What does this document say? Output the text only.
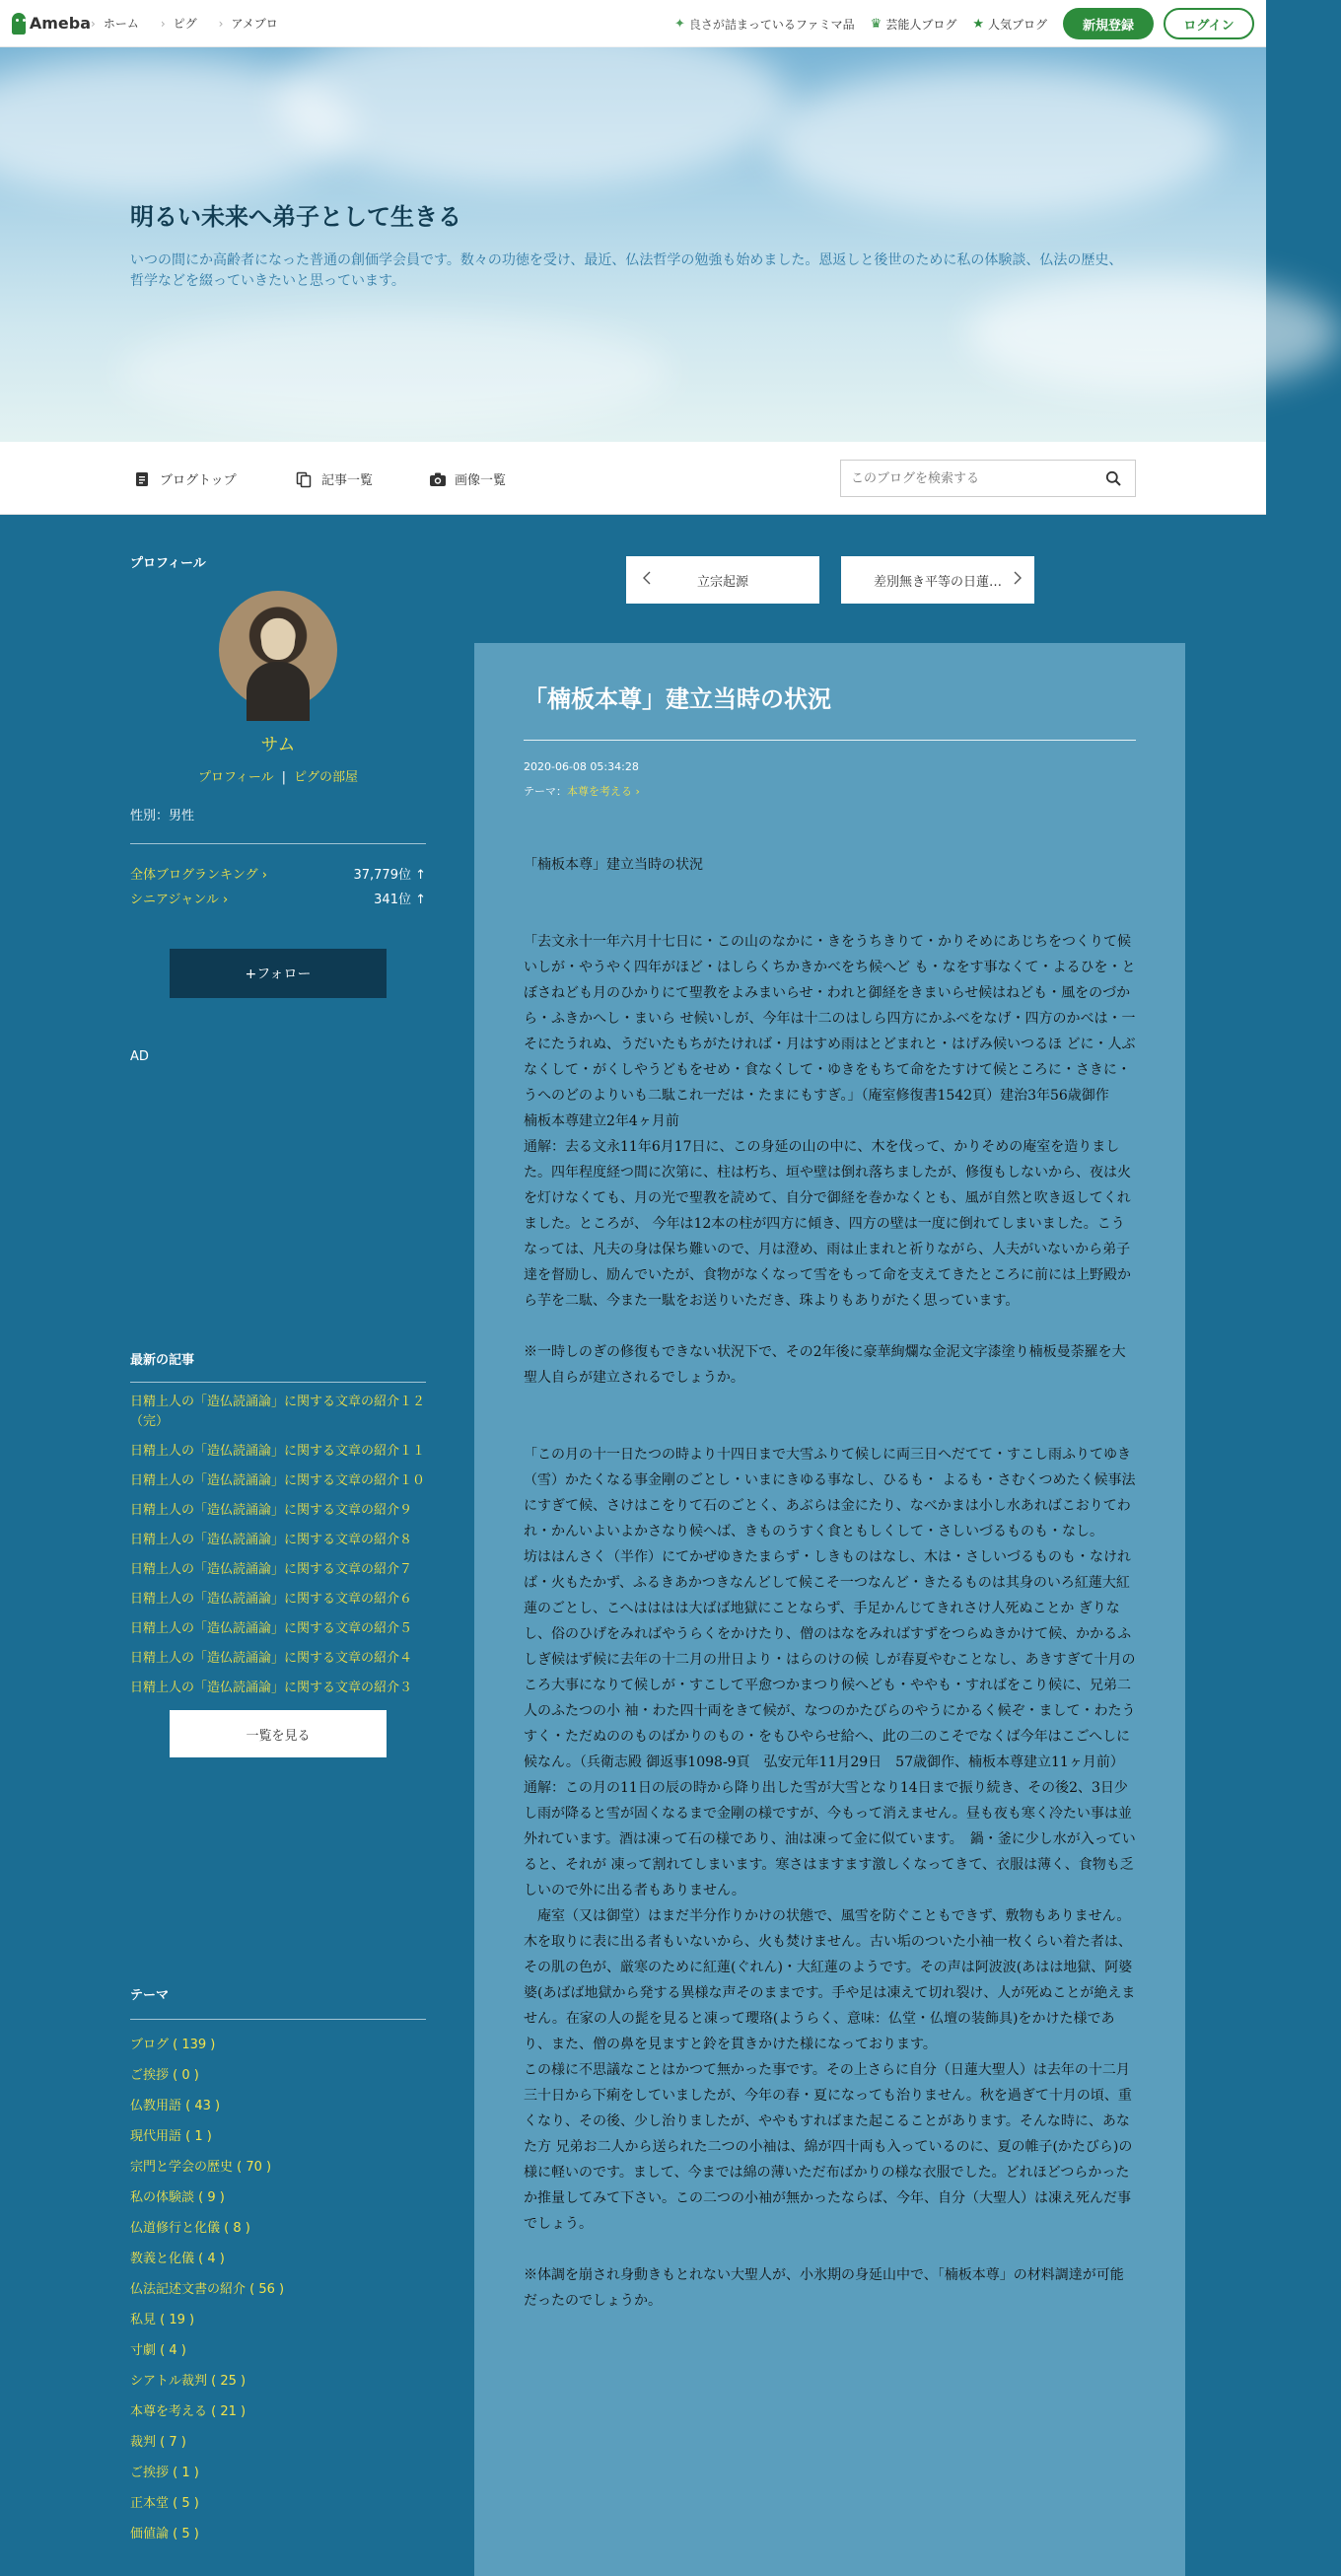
Ameba › ホーム › ピグ › アメブロ	✦ 良さが詰まっているファミマ品 ♛ 芸能人ブログ ★ 人気ブログ	新規登録	ログイン
明るい未来へ弟子として生きる

いつの間にか高齢者になった普通の創価学会員です。数々の功徳を受け、最近、仏法哲学の勉強も始めました。恩返しと後世のために私の体験談、仏法の歴史、哲学などを綴っていきたいと思っています。

ブログトップ	記事一覧	画像一覧
このブログを検索する
プロフィール
サム
プロフィール | ピグの部屋
性別：男性
全体ブログランキング ›	37,779位 ↑
シニアジャンル ›	341位 ↑
+フォロー
AD
最新の記事
日精上人の「造仏読誦論」に関する文章の紹介１２（完）
日精上人の「造仏読誦論」に関する文章の紹介１１
日精上人の「造仏読誦論」に関する文章の紹介１０
日精上人の「造仏読誦論」に関する文章の紹介９
日精上人の「造仏読誦論」に関する文章の紹介８
日精上人の「造仏読誦論」に関する文章の紹介７
日精上人の「造仏読誦論」に関する文章の紹介６
日精上人の「造仏読誦論」に関する文章の紹介５
日精上人の「造仏読誦論」に関する文章の紹介４
日精上人の「造仏読誦論」に関する文章の紹介３
一覧を見る
テーマ
ブログ ( 139 )
ご挨拶 ( 0 )
仏教用語 ( 43 )
現代用語 ( 1 )
宗門と学会の歴史 ( 70 )
私の体験談 ( 9 )
仏道修行と化儀 ( 8 )
教義と化儀 ( 4 )
仏法記述文書の紹介 ( 56 )
私見 ( 19 )
寸劇 ( 4 )
シアトル裁判 ( 25 )
本尊を考える ( 21 )
裁判 ( 7 )
ご挨拶 ( 1 )
正本堂 ( 5 )
価値論 ( 5 )
立宗起源	差別無き平等の日蓮…
「楠板本尊」建立当時の状況
2020-06-08 05:34:28
テーマ：本尊を考える ›

「楠板本尊」建立当時の状況

「去文永十一年六月十七日に・この山のなかに・きをうちきりて・かりそめにあじちをつくりて候いしが・やうやく四年がほど・はしらくちかきかべをち候へど も・なをす事なくて・よるひを・とぼさねども月のひかりにて聖教をよみまいらせ・われと御経をきまいらせ候はねども・風をのづから・ふきかへし・まいら せ候いしが、今年は十二のはしら四方にかふべをなげ・四方のかべは・一そにたうれぬ、うだいたもちがたければ・月はすめ雨はとどまれと・はげみ候いつるほ どに・人ぶなくして・がくしやうどもをせめ・食なくして・ゆきをもちて命をたすけて候ところに・さきに・うへのどのよりいも二駄これ一だは・たまにもすぎ。」（庵室修復書1542頁）建治3年56歳御作　楠板本尊建立2年4ヶ月前
通解：去る文永11年6月17日に、この身延の山の中に、木を伐って、かりそめの庵室を造りました。四年程度経つ間に次第に、柱は朽ち、垣や壁は倒れ落ちましたが、修復もしないから、夜は火を灯けなくても、月の光で聖教を読めて、自分で御経を巻かなくとも、風が自然と吹き返してくれました。ところが、 今年は12本の柱が四方に傾き、四方の壁は一度に倒れてしまいました。こうなっては、凡夫の身は保ち難いので、月は澄め、雨は止まれと祈りながら、人夫がいないから弟子達を督励し、励んでいたが、食物がなくなって雪をもって命を支えてきたところに前には上野殿から芋を二駄、今また一駄をお送りいただき、珠よりもありがたく思っています。

※一時しのぎの修復もできない状況下で、その2年後に豪華絢爛な金泥文字漆塗り楠板曼荼羅を大聖人自らが建立されるでしょうか。

「この月の十一日たつの時より十四日まで大雪ふりて候しに両三日へだてて・すこし雨ふりてゆき（雪）かたくなる事金剛のごとし・いまにきゆる事なし、ひるも・ よるも・さむくつめたく候事法にすぎて候、さけはこをりて石のごとく、あぶらは金にたり、なべかまは小し水あればこおりてわれ・かんいよいよかさなり候へば、きものうすく食ともしくして・さしいづるものも・なし。
坊ははんさく（半作）にてかぜゆきたまらず・しきものはなし、木は・さしいづるものも・なければ・火もたかず、ふるきあかつきなんどして候こそ一つなんど・きたるものは其身のいろ紅蓮大紅蓮のごとし、こへはははは大ばば地獄にことならず、手足かんじてきれさけ人死ぬことか ぎりなし、俗のひげをみればやうらくをかけたり、僧のはなをみればすずをつらぬきかけて候、かかるふしぎ候はず候に去年の十二月の卅日より・はらのけの候 しが春夏やむことなし、あきすぎて十月のころ大事になりて候しが・すこして平愈つかまつり候へども・ややも・すればをこり候に、兄弟二人のふたつの小 袖・わた四十両をきて候が、なつのかたびらのやうにかるく候ぞ・まして・わたうすく・ただぬののものばかりのもの・をもひやらせ給へ、此の二のこそでなくば今年はこごへしに候なん。（兵衛志殿 御返事1098-9頁　弘安元年11月29日　57歳御作、楠板本尊建立11ヶ月前）
通解：この月の11日の辰の時から降り出した雪が大雪となり14日まで振り続き、その後2、3日少し雨が降ると雪が固くなるまで金剛の様ですが、今もって消えません。昼も夜も寒く冷たい事は並外れています。酒は凍って石の様であり、油は凍って金に似ています。　鍋・釜に少し水が入っていると、それが 凍って割れてしまいます。寒さはますます激しくなってきて、衣服は薄く、食物も乏しいので外に出る者もありません。
　庵室（又は御堂）はまだ半分作りかけの状態で、風雪を防ぐこともできず、敷物もありません。　木を取りに表に出る者もいないから、火も焚けません。古い垢のついた小袖一枚くらい着た者は、その肌の色が、厳寒のために紅蓮(ぐれん)・大紅蓮のようです。その声は阿波波(あはは地獄、阿婆婆(あばば地獄から発する異様な声そのままです。手や足は凍えて切れ裂け、人が死ぬことが絶えません。在家の人の髭を見ると凍って瓔珞(ようらく、意味：仏堂・仏壇の装飾具)をかけた様であり、また、僧の鼻を見ますと鈴を貫きかけた様になっております。
この様に不思議なことはかつて無かった事です。その上さらに自分（日蓮大聖人）は去年の十二月三十日から下痢をしていましたが、今年の春・夏になっても治りません。秋を過ぎて十月の頃、重くなり、その後、少し治りましたが、ややもすればまた起こることがあります。そんな時に、あなた方 兄弟お二人から送られた二つの小袖は、綿が四十両も入っているのに、夏の帷子(かたびら)の様に軽いのです。まして、今までは綿の薄いただ布ばかりの様な衣服でした。どれほどつらかったか推量してみて下さい。この二つの小袖が無かったならば、今年、自分（大聖人）は凍え死んだ事でしょう。

※体調を崩され身動きもとれない大聖人が、小氷期の身延山中で、「楠板本尊」の材料調達が可能だったのでしょうか。
